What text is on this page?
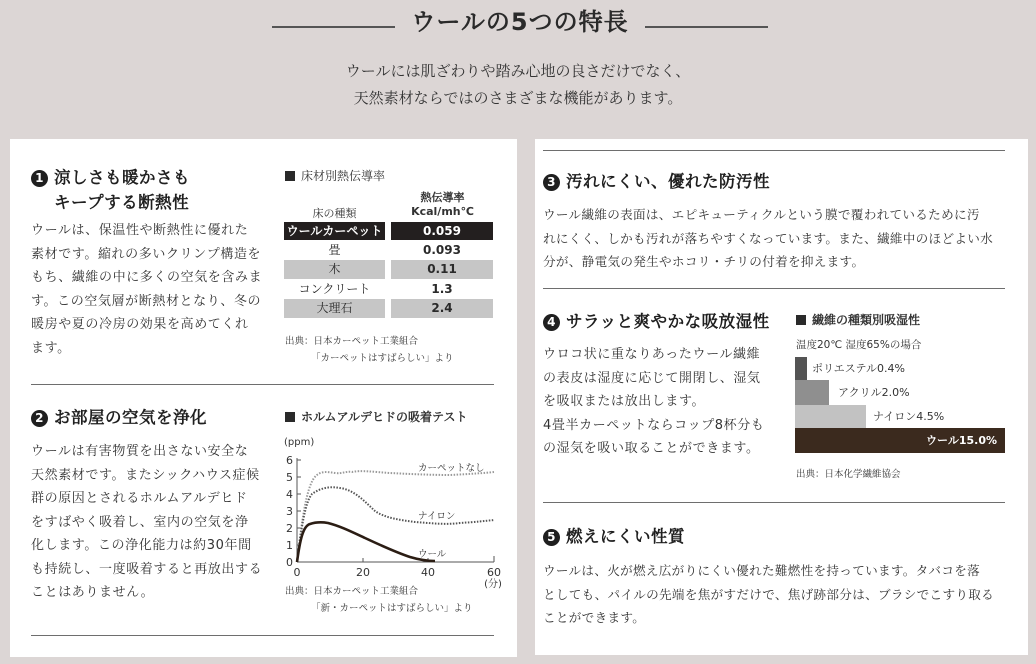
ウールの5つの特長
ウールには肌ざわりや踏み心地の良さだけでなく、
天然素材ならではのさまざまな機能があります。
1 涼しさも暖かさも
キープする断熱性
ウールは、保温性や断熱性に優れた
素材です。縮れの多いクリンプ構造を
もち、繊維の中に多くの空気を含みま
す。この空気層が断熱材となり、冬の
暖房や夏の冷房の効果を高めてくれ
ます。
床材別熱伝導率
床の種類
熱伝導率
Kcal/mh℃
ウールカーペット	0.059
畳	0.093
木	0.11
コンクリート	1.3
大理石	2.4
出典：日本カーペット工業組合
「カーペットはすばらしい」より
2 お部屋の空気を浄化
ウールは有害物質を出さない安全な
天然素材です。またシックハウス症候
群の原因とされるホルムアルデヒド
をすばやく吸着し、室内の空気を浄
化します。この浄化能力は約30年間
も持続し、一度吸着すると再放出する
ことはありません。
ホルムアルデヒドの吸着テスト
(ppm)
0
1
2
3
4
5
6
0	20	40	60
(分)
カーペットなし
ナイロン
ウール
出典：日本カーペット工業組合
「新・カーペットはすばらしい」より
3 汚れにくい、優れた防汚性
ウール繊維の表面は、エピキューティクルという膜で覆われているために汚
れにくく、しかも汚れが落ちやすくなっています。また、繊維中のほどよい水
分が、静電気の発生やホコリ・チリの付着を抑えます。
4 サラッと爽やかな吸放湿性
ウロコ状に重なりあったウール繊維
の表皮は湿度に応じて開閉し、湿気
を吸収または放出します。
4畳半カーペットならコップ8杯分も
の湿気を吸い取ることができます。
繊維の種類別吸湿性
温度20℃ 湿度65%の場合
ポリエステル0.4%
アクリル2.0%
ナイロン4.5%
ウール15.0%
出典：日本化学繊維協会
5 燃えにくい性質
ウールは、火が燃え広がりにくい優れた難燃性を持っています。タバコを落
としても、パイルの先端を焦がすだけで、焦げ跡部分は、ブラシでこすり取る
ことができます。
